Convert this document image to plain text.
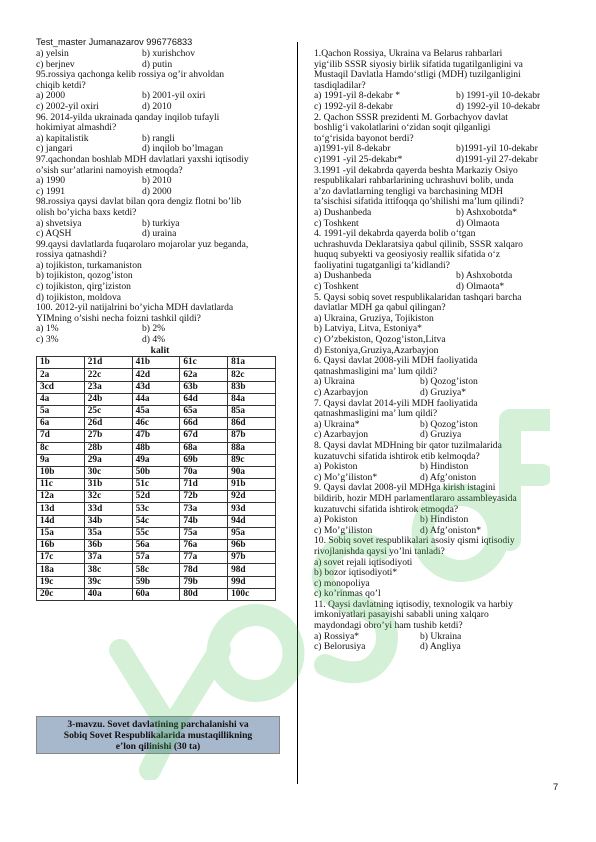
Test_master Jumanazarov 996776833
a) yelsin	b) xurishchov
c) berjnev	d) putin
95.rossiya qachonga kelib rossiya og’ir ahvoldan
chiqib ketdi?
a) 2000	b) 2001-yil oxiri
c) 2002-yil oxiri	d) 2010
96. 2014-yilda ukrainada qanday inqilob tufayli
hokimiyat almashdi?
a) kapitalistik	b) rangli
c) jangari	d) inqilob bo’lmagan
97.qachondan boshlab MDH davlatlari yaxshi iqtisodiy
o’sish sur’atlarini namoyish etmoqda?
a) 1990	b) 2010
c) 1991	d) 2000
98.rossiya qaysi davlat bilan qora dengiz flotni bo’lib
olish bo’yicha baxs ketdi?
a) shvetsiya	b) turkiya
c) AQSH	d) uraina
99.qaysi davlatlarda fuqarolaro mojarolar yuz beganda,
rossiya qatnashdi?
a) tojikiston, turkamaniston
b) tojikiston, qozog’iston
c) tojikiston, qirg’iziston
d) tojikiston, moldova
100. 2012-yil natijalrini bo’yicha MDH davlatlarda
YIMning o’sishi necha foizni tashkil qildi?
a) 1%	b) 2%
c) 3%	d) 4%
kalit
1b	21d	41b	61c	81a
2a	22c	42d	62a	82c
3cd	23a	43d	63b	83b
4a	24b	44a	64d	84a
5a	25c	45a	65a	85a
6a	26d	46c	66d	86d
7d	27b	47b	67d	87b
8c	28b	48b	68a	88a
9a	29a	49a	69b	89c
10b	30c	50b	70a	90a
11c	31b	51c	71d	91b
12a	32c	52d	72b	92d
13d	33d	53c	73a	93d
14d	34b	54c	74b	94d
15a	35a	55c	75a	95a
16b	36b	56a	76a	96b
17c	37a	57a	77a	97b
18a	38c	58c	78d	98d
19c	39c	59b	79b	99d
20c	40a	60a	80d	100c
1.Qachon Rossiya, Ukraina va Belarus rahbarlari
yig‘ilib SSSR siyosiy birlik sifatida tugatilganligini va
Mustaqil Davlatla Hamdo‘stligi (MDH) tuzilganligini
tasdiqladilar?
a) 1991-yil 8-dekabr *	b) 1991-yil 10-dekabr
c) 1992-yil 8-dekabr	d) 1992-yil 10-dekabr
2. Qachon SSSR prezidenti M. Gorbachyov davlat
boshlig‘i vakolatlarini o‘zidan soqit qilganligi
to‘g‘risida bayonot berdi?
a)1991-yil 8-dekabr	b)1991-yil 10-dekabr
c)1991 -yil 25-dekabr*	d)1991-yil 27-dekabr
3.1991 -yil dekabrda qayerda beshta Markaziy Osiyo
respublikalari rahbarlarining uchrashuvi bolib, unda
a’zo davlatlarning tengligi va barchasining MDH
ta’sischisi sifatida ittifoqqa qo’shilishi ma’lum qilindi?
a) Dushanbeda	b) Ashxobotda*
c) Toshkent	d) Olmaota
4. 1991-yil dekabrda qayerda bolib o‘tgan
uchrashuvda Deklaratsiya qabul qilinib, SSSR xalqaro
huquq subyekti va geosiyosiy reallik sifatida o‘z
faoliyatini tugatganligi ta’kidlandi?
a) Dushanbeda	b) Ashxobotda
c) Toshkent	d) Olmaota*
5. Qaysi sobiq sovet respublikalaridan tashqari barcha
davlatlar MDH ga qabul qilingan?
a) Ukraina, Gruziya, Tojikiston
b) Latviya, Litva, Estoniya*
c) O’zbekiston, Qozog’iston,Litva
d) Estoniya,Gruziya,Azarbayjon
6. Qaysi davlat 2008-yili MDH faoliyatida
qatnashmasligini ma’ lum qildi?
a) Ukraina	b) Qozog’iston
c) Azarbayjon	d) Gruziya*
7. Qaysi davlat 2014-yili MDH faoliyatida
qatnashmasligini ma’ lum qildi?
a) Ukraina*	b) Qozog’iston
c) Azarbayjon	d) Gruziya
8. Qaysi davlat MDHning bir qator tuzilmalarida
kuzatuvchi sifatida ishtirok etib kelmoqda?
a) Pokiston	b) Hindiston
c) Mo’g’iliston*	d) Afg’oniston
9. Qaysi davlat 2008-yil MDHga kirish istagini
bildirib, hozir MDH parlamentlararo assambleyasida
kuzatuvchi sifatida ishtirok etmoqda?
a) Pokiston	b) Hindiston
c) Mo’g’iliston	d) Afg’oniston*
10. Sobiq sovet respublikalari asosiy qismi iqtisodiy
rivojlanishda qaysi yo’lni tanladi?
a) sovet rejali iqtisodiyoti
b) bozor iqtisodiyoti*
c) monopoliya
c) ko’rinmas qo’l
11. Qaysi davlatning iqtisodiy, texnologik va harbiy
imkoniyatlari pasayishi sababli uning xalqaro
maydondagi obro’yi ham tushib ketdi?
a) Rossiya*	b) Ukraina
c) Belorusiya	d) Angliya
3-mavzu. Sovet davlatining parchalanishi va
Sobiq Sovet Respublikalarida mustaqillikning
e’lon qilinishi (30 ta)
7
